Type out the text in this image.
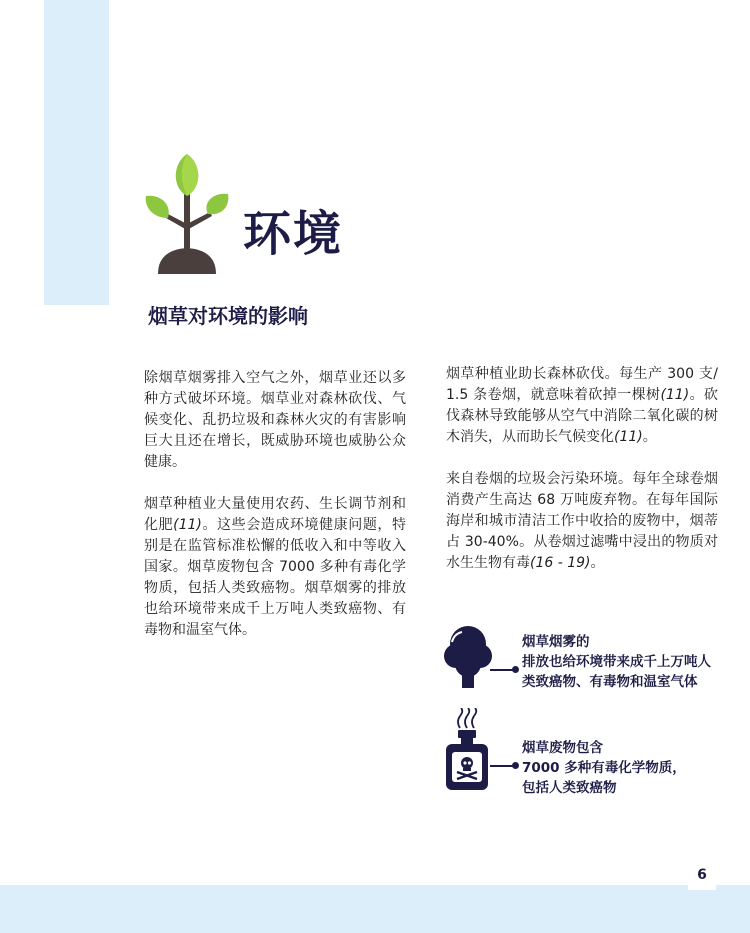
6
环境
烟草对环境的影响

除烟草烟雾排入空气之外，烟草业还以多种方式破坏环境。烟草业对森林砍伐、气候变化、乱扔垃圾和森林火灾的有害影响巨大且还在增长，既威胁环境也威胁公众健康。

烟草种植业大量使用农药、生长调节剂和化肥(11)。这些会造成环境健康问题，特别是在监管标准松懈的低收入和中等收入国家。烟草废物包含 7000 多种有毒化学物质，包括人类致癌物。烟草烟雾的排放也给环境带来成千上万吨人类致癌物、有毒物和温室气体。

烟草种植业助长森林砍伐。每生产 300 支/ 1.5 条卷烟，就意味着砍掉一棵树(11)。砍伐森林导致能够从空气中消除二氧化碳的树木消失，从而助长气候变化(11)。

来自卷烟的垃圾会污染环境。每年全球卷烟 消费产生高达 68 万吨废弃物。在每年国际海岸和城市清洁工作中收拾的废物中，烟蒂占 30-40%。从卷烟过滤嘴中浸出的物质对水生生物有毒(16 - 19)。

烟草烟雾的
排放也给环境带来成千上万吨人
类致癌物、有毒物和温室气体
烟草废物包含
7000 多种有毒化学物质，
包括人类致癌物
